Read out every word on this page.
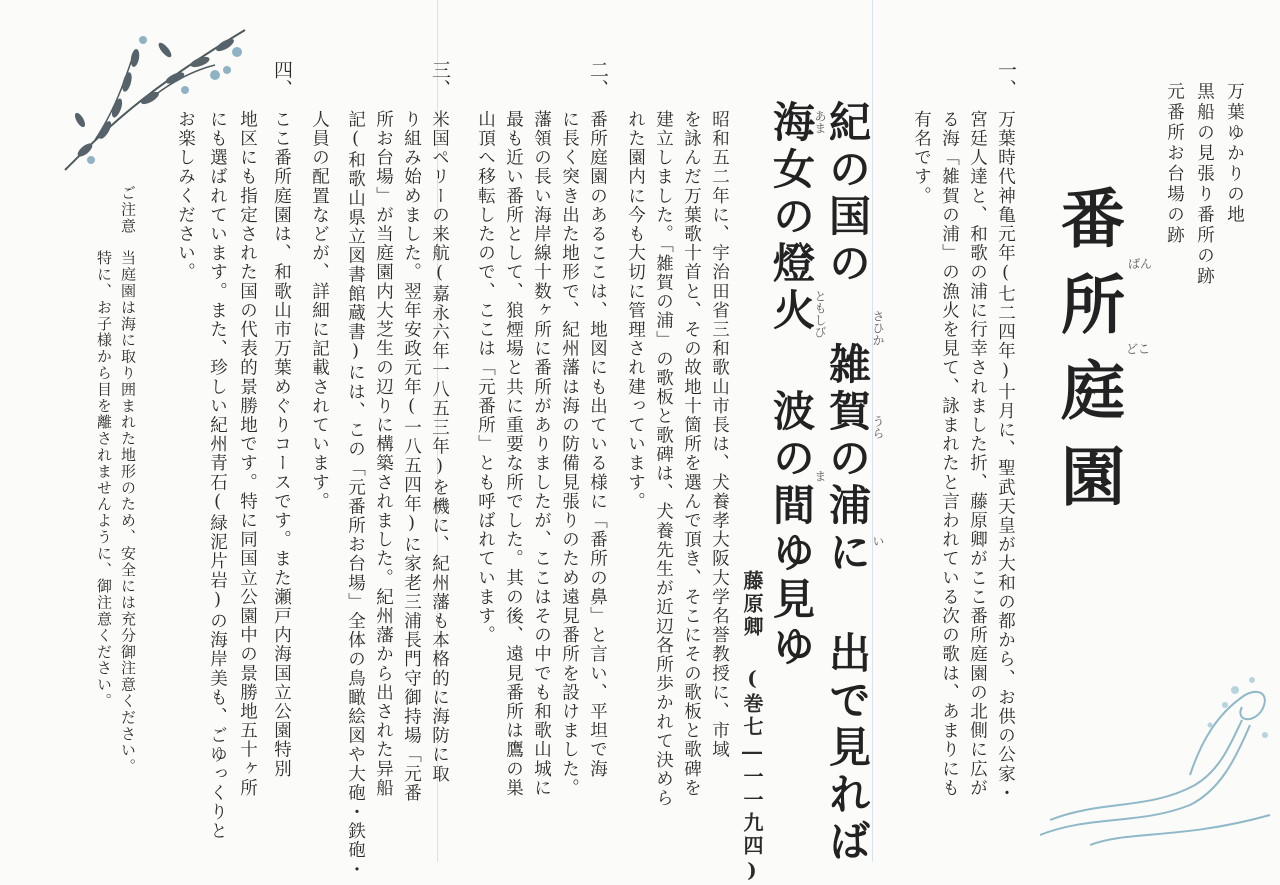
万葉ゆかりの地
黒船の見張り番所の跡
元番所お台場の跡
番所庭園 ばん
どこ
一、
万葉時代神亀元年(七二四年)十月に、聖武天皇が大和の都から、お供の公家・
宮廷人達と、和歌の浦に行幸されました折、藤原卿がここ番所庭園の北側に広が
る海「雑賀の浦」の漁火を見て、詠まれたと言われている次の歌は、あまりにも
有名です。
紀の国の 雑賀の浦に 出で見れば
海女の燈火 波の間ゆ見ゆ	さひか
うら
い
あま
ともしび
ま
藤原卿 (巻七―一一九四)
二、
昭和五二年に、宇治田省三和歌山市長は、犬養孝大阪大学名誉教授に、市域
を詠んだ万葉歌十首と、その故地十箇所を選んで頂き、そこにその歌板と歌碑を
建立しました。「雑賀の浦」の歌板と歌碑は、犬養先生が近辺各所歩かれて決めら
れた園内に今も大切に管理され建っています。
番所庭園のあるここは、地図にも出ている様に「番所の鼻」と言い、平坦で海
に長く突き出た地形で、紀州藩は海の防備見張りのため遠見番所を設けました。
藩領の長い海岸線十数ヶ所に番所がありましたが、ここはその中でも和歌山城に
最も近い番所として、狼煙場と共に重要な所でした。其の後、遠見番所は鷹の巣
山頂へ移転したので、ここは「元番所」とも呼ばれています。
三、
米国ペリーの来航(嘉永六年一八五三年)を機に、紀州藩も本格的に海防に取
り組み始めました。翌年安政元年(一八五四年)に家老三浦長門守御持場「元番
所お台場」が当庭園内大芝生の辺りに構築されました。紀州藩から出された异船
記(和歌山県立図書館蔵書)には、この「元番所お台場」全体の鳥瞰絵図や大砲・鉄砲・
人員の配置などが、詳細に記載されています。
四、
ここ番所庭園は、和歌山市万葉めぐりコースです。また瀬戸内海国立公園特別
地区にも指定された国の代表的景勝地です。特に同国立公園中の景勝地五十ヶ所
にも選ばれています。また、珍しい紀州青石(緑泥片岩)の海岸美も、ごゆっくりと
お楽しみください。
ご注意
当庭園は海に取り囲まれた地形のため、安全には充分御注意ください。
特に、お子様から目を離されませんように、御注意ください。
